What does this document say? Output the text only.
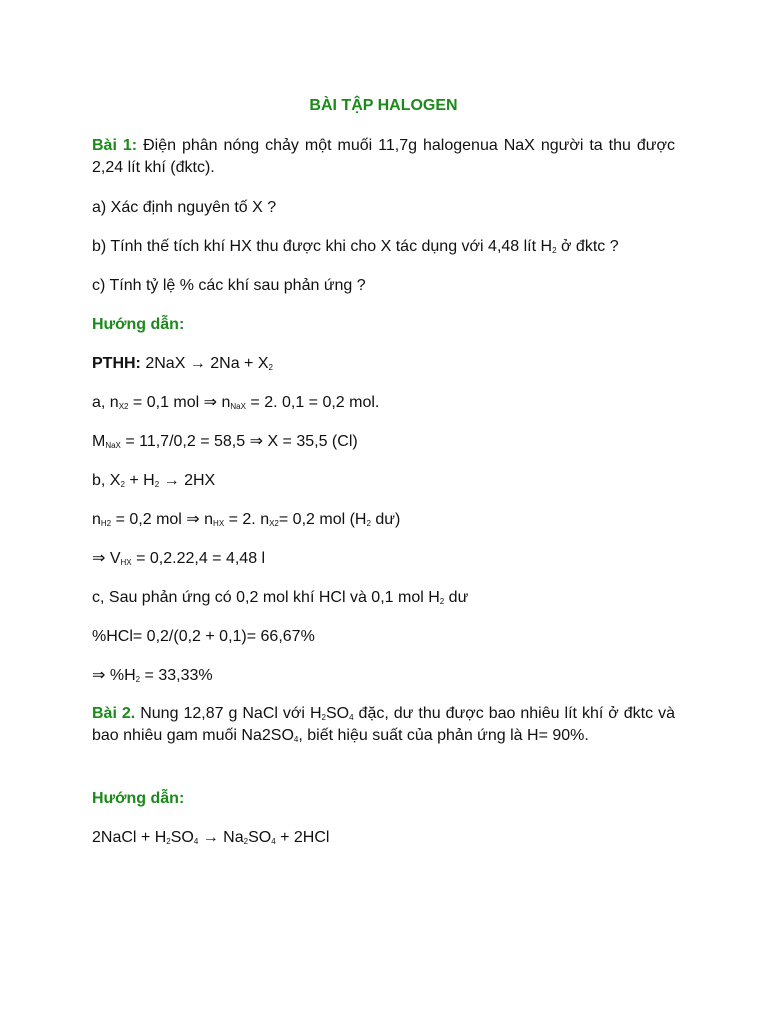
BÀI TẬP HALOGEN

Bài 1: Điện phân nóng chảy một muối 11,7g halogenua NaX người ta thu được 2,24 lít khí (đktc).

a) Xác định nguyên tố X ?

b) Tính thế tích khí HX thu được khi cho X tác dụng với 4,48 lít $H_2$ ở đktc ?

c) Tính tỷ lệ % các khí sau phản ứng ?

Hướng dẫn:

PTHH: $2NaX \to 2Na + X_2$

a, $n_{X2} = 0,1$ mol ⇒ $n_{NaX} = 2$. 0,1 = 0,2 mol.

$M_{NaX} = 11,7/0,2 = 58,5$ ⇒ X = 35,5 (Cl)

b, $X_2 + H_2 \to 2HX$

$n_{H2} = 0,2$ mol ⇒ $n_{HX} = 2$. $n_{X2}= 0,2$ mol ($H_2$ dư)

⇒ $V_{HX} = 0,2.22,4 = 4,48$ l

c, Sau phản ứng có 0,2 mol khí HCl và 0,1 mol $H_2$ dư

%HCl= 0,2/(0,2 + 0,1)= 66,67%

⇒ $\%H_2 = 33,33\%$

Bài 2. Nung 12,87 g NaCl với $H_2SO_4$ đặc, dư thu được bao nhiêu lít khí ở đktc và bao nhiêu gam muối $Na2SO_4$, biết hiệu suất của phản ứng là H= 90%.

Hướng dẫn:

2NaCl + $H_2SO_4 \to Na_2SO_4 + 2HCl$
